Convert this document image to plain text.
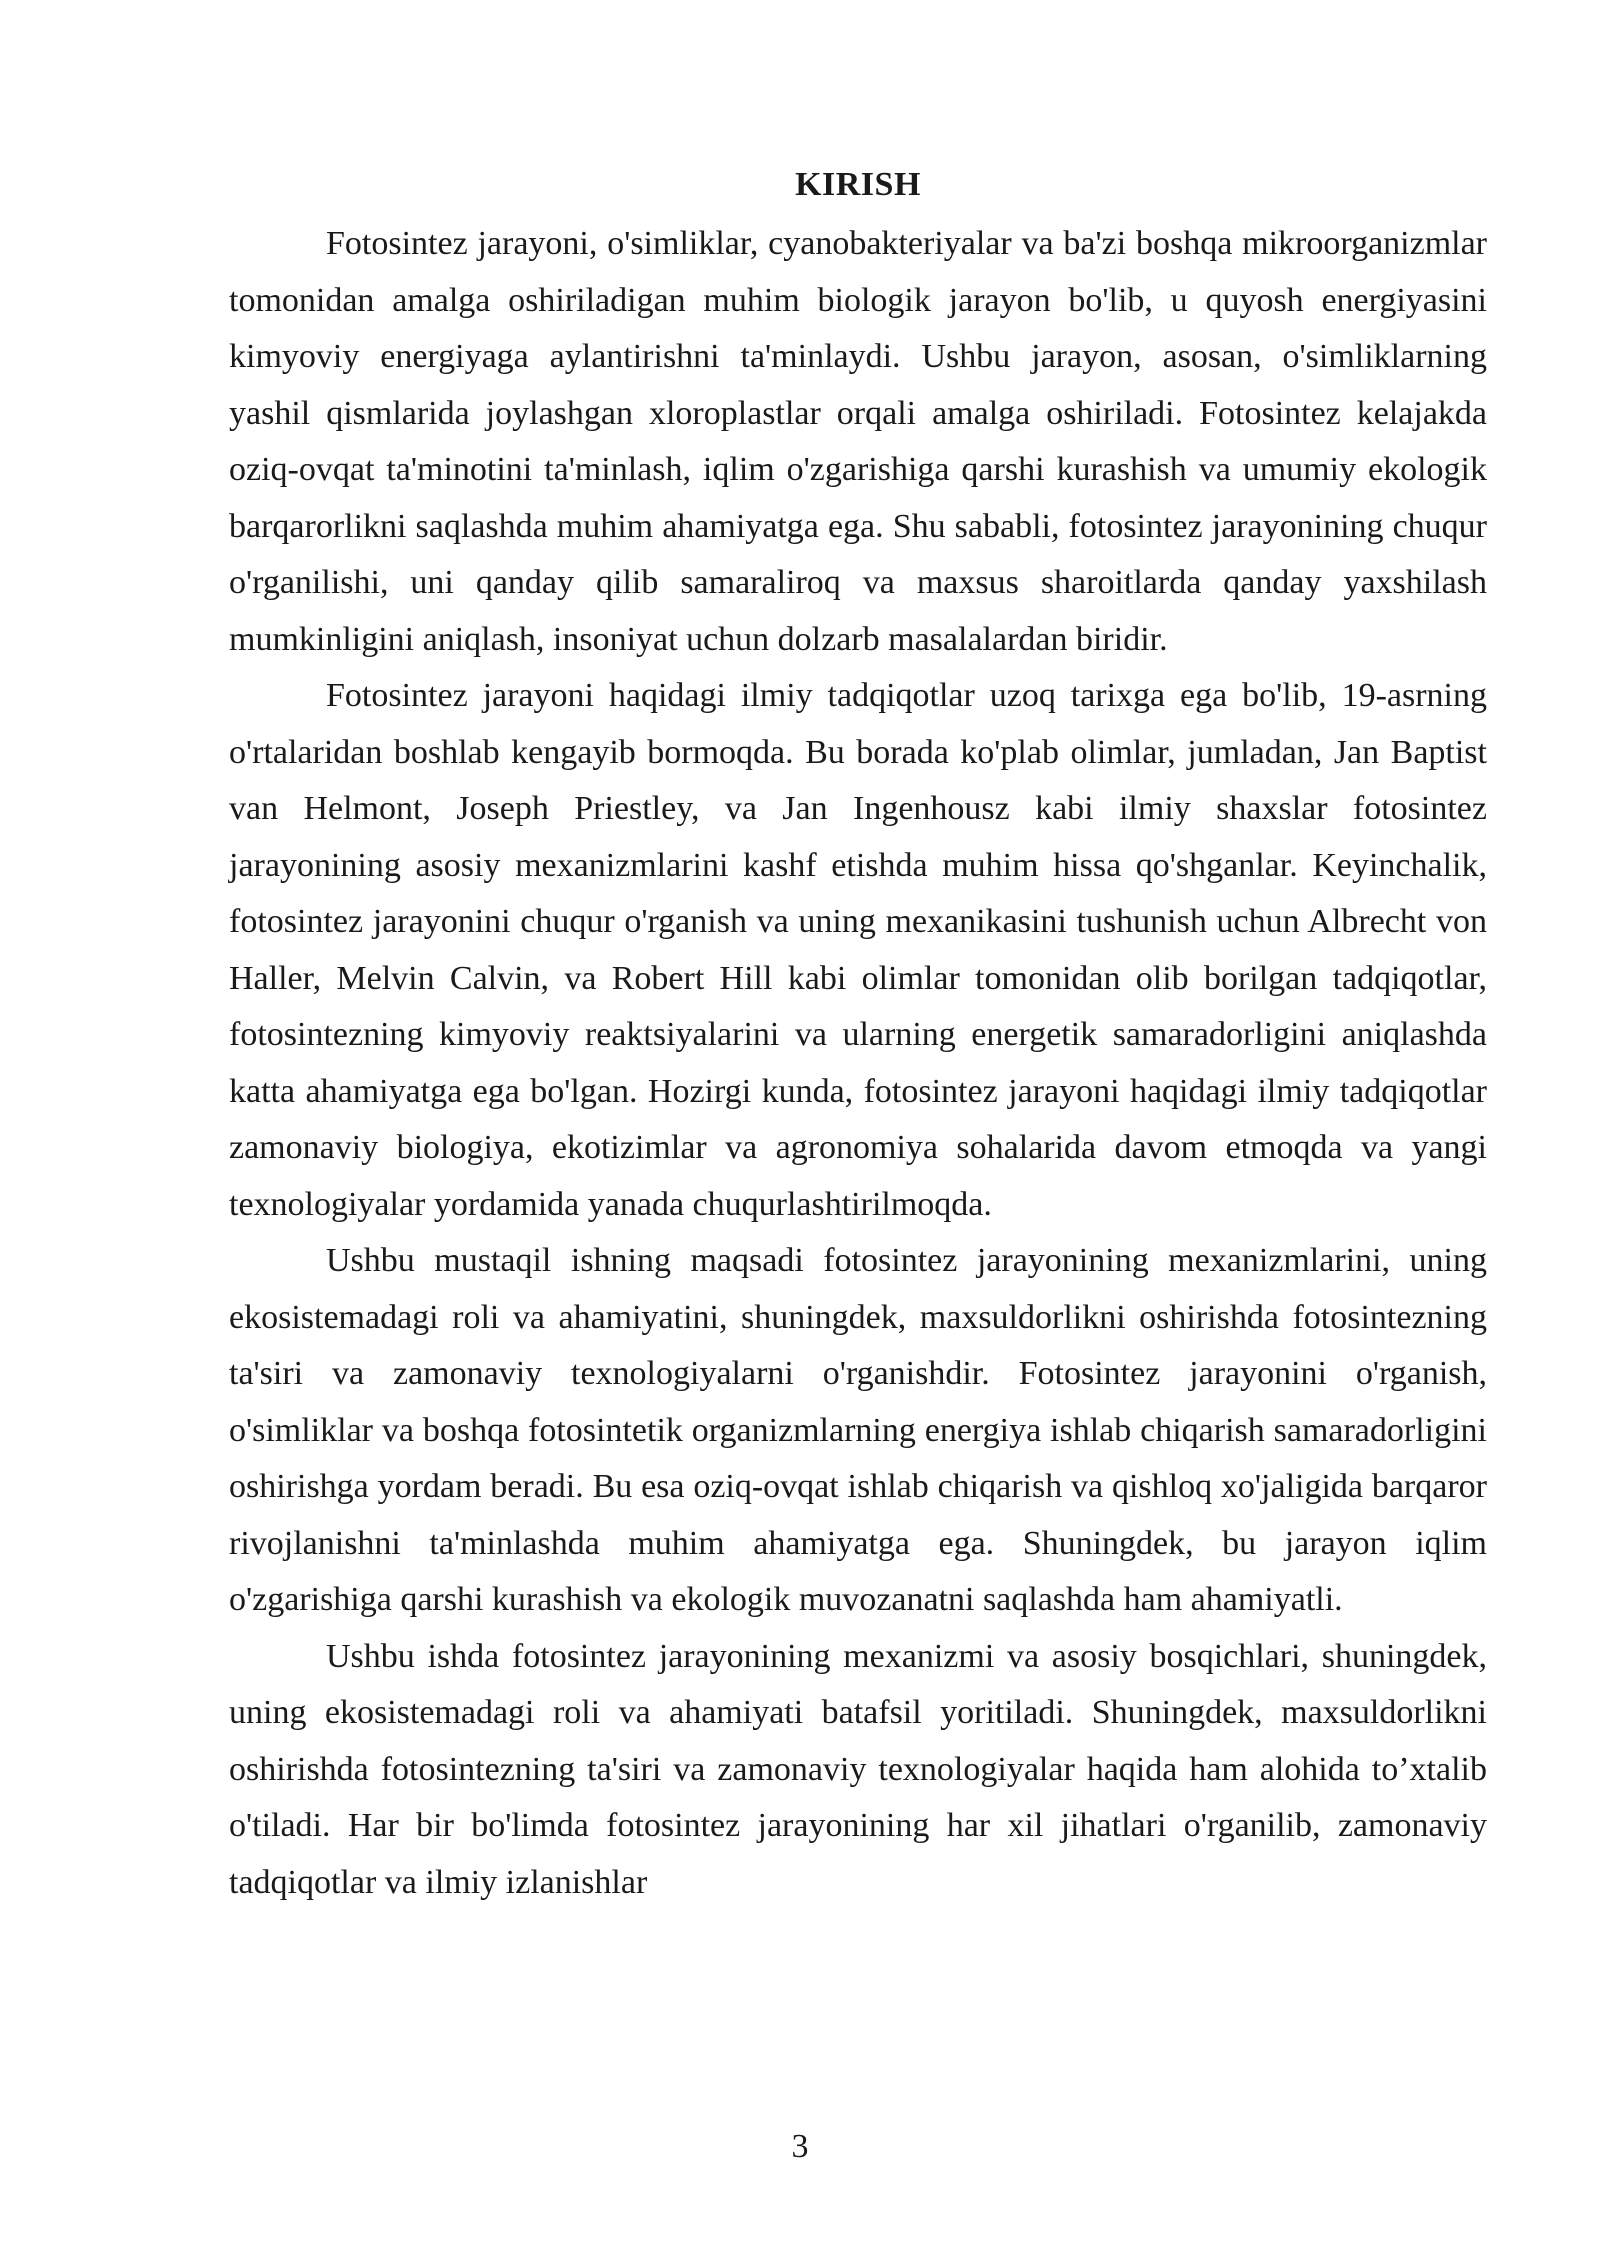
KIRISH

Fotosintez jarayoni, o'simliklar, cyanobakteriyalar va ba'zi boshqa mikroorganizmlar tomonidan amalga oshiriladigan muhim biologik jarayon bo'lib, u quyosh energiyasini kimyoviy energiyaga aylantirishni ta'minlaydi. Ushbu jarayon, asosan, o'simliklarning yashil qismlarida joylashgan xloroplastlar orqali amalga oshiriladi. Fotosintez kelajakda oziq-ovqat ta'minotini ta'minlash, iqlim o'zgarishiga qarshi kurashish va umumiy ekologik barqarorlikni saqlashda muhim ahamiyatga ega. Shu sababli, fotosintez jarayonining chuqur o'rganilishi, uni qanday qilib samaraliroq va maxsus sharoitlarda qanday yaxshilash mumkinligini aniqlash, insoniyat uchun dolzarb masalalardan biridir.

Fotosintez jarayoni haqidagi ilmiy tadqiqotlar uzoq tarixga ega bo'lib, 19-asrning o'rtalaridan boshlab kengayib bormoqda. Bu borada ko'plab olimlar, jumladan, Jan Baptist van Helmont, Joseph Priestley, va Jan Ingenhousz kabi ilmiy shaxslar fotosintez jarayonining asosiy mexanizmlarini kashf etishda muhim hissa qo'shganlar. Keyinchalik, fotosintez jarayonini chuqur o'rganish va uning mexanikasini tushunish uchun Albrecht von Haller, Melvin Calvin, va Robert Hill kabi olimlar tomonidan olib borilgan tadqiqotlar, fotosintezning kimyoviy reaktsiyalarini va ularning energetik samaradorligini aniqlashda katta ahamiyatga ega bo'lgan. Hozirgi kunda, fotosintez jarayoni haqidagi ilmiy tadqiqotlar zamonaviy biologiya, ekotizimlar va agronomiya sohalarida davom etmoqda va yangi texnologiyalar yordamida yanada chuqurlashtirilmoqda.

Ushbu mustaqil ishning maqsadi fotosintez jarayonining mexanizmlarini, uning ekosistemadagi roli va ahamiyatini, shuningdek, maxsuldorlikni oshirishda fotosintezning ta'siri va zamonaviy texnologiyalarni o'rganishdir. Fotosintez jarayonini o'rganish, o'simliklar va boshqa fotosintetik organizmlarning energiya ishlab chiqarish samaradorligini oshirishga yordam beradi. Bu esa oziq-ovqat ishlab chiqarish va qishloq xo'jaligida barqaror rivojlanishni ta'minlashda muhim ahamiyatga ega. Shuningdek, bu jarayon iqlim o'zgarishiga qarshi kurashish va ekologik muvozanatni saqlashda ham ahamiyatli.

Ushbu ishda fotosintez jarayonining mexanizmi va asosiy bosqichlari, shuningdek, uning ekosistemadagi roli va ahamiyati batafsil yoritiladi. Shuningdek, maxsuldorlikni oshirishda fotosintezning ta'siri va zamonaviy texnologiyalar haqida ham alohida to’xtalib o'tiladi. Har bir bo'limda fotosintez jarayonining har xil jihatlari o'rganilib, zamonaviy tadqiqotlar va ilmiy izlanishlar

3
